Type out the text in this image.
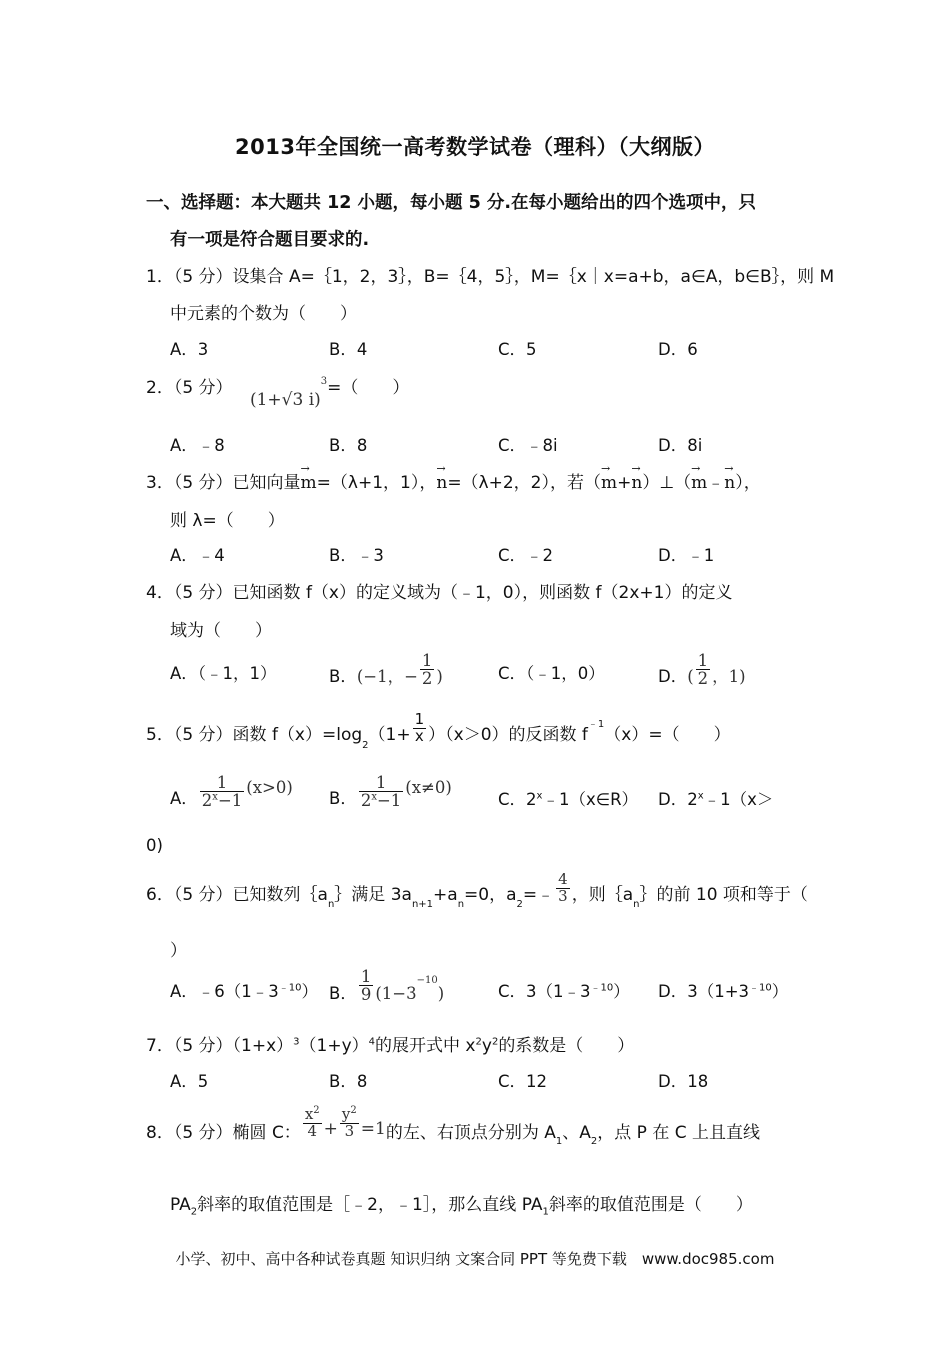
2013年全国统一高考数学试卷（理科）（大纲版）
一、选择题：本大题共 12 小题，每小题 5 分.在每小题给出的四个选项中，只
有一项是符合题目要求的.
1．（5 分）设集合 A=｛1，2，3｝，B=｛4，5｝，M=｛x｜x=a+b，a∈A，b∈B｝，则 M
中元素的个数为（　　）
A．3	B．4	C．5	D．6
2．（5 分） (1+√3 i)$^3$=（　　）
A．﹣8	B．8	C．﹣8i	D．8i
3．（5 分）已知向量→ m=（λ+1，1），→ n=（λ+2，2），若（→ m+→ n）⊥（→ m﹣→ n），
则 λ=（　　）
A．﹣4	B．﹣3	C．﹣2	D．﹣1
4．（5 分）已知函数 f（x）的定义域为（﹣1，0），则函数 f（2x+1）的定义
域为（　　）
A．（﹣1，1）	B．(−1，− $\frac{1}{2}$ )	C．（﹣1，0）	D．( $\frac{1}{2}$ ，1)
5．（5 分）函数 $f(x)=\log_2(1+ \frac{1}{x} )(x>0)$的反函数 $f^{﹣1}(x)=$（　　）
A． $\frac{1}{2^x-1} (x>0)$
B． $\frac{1}{2^x-1} (x\ne 0)$
C．2$^x$﹣1（x∈R） D．$2^x﹣1(x>$
0)
6．（5 分）已知数列$\{a_n\}$满足 $3a_{n+1}+a_n=0$，$a_2=﹣ \frac{4}{3}$ ，则$\{a_n\}$的前 10 项和等于（
）
A．$﹣6(1﹣3^{﹣10})$ B． $\frac{1}{9} (1-3^{-10})$	C．$3(1﹣3^{﹣10})$ D．$3(1+3^{﹣10})$
7．（5 分）$(1+x)^3(1+y)^4$的展开式中 $x^2y^2$的系数是（　　）
A．5	B．8	C．12	D．18
8．（5 分）椭圆 C： $\frac{x^2}{4} + \frac{y^2}{3} =1$的左、右顶点分别为 $A_1$、$A_2$，点 P 在 C 上且直线
$PA_2$斜率的取值范围是［﹣2，﹣1］，那么直线 $PA_1$斜率的取值范围是（　　）
小学、初中、高中各种试卷真题 知识归纳 文案合同 PPT 等免费下载　www.doc985.com
